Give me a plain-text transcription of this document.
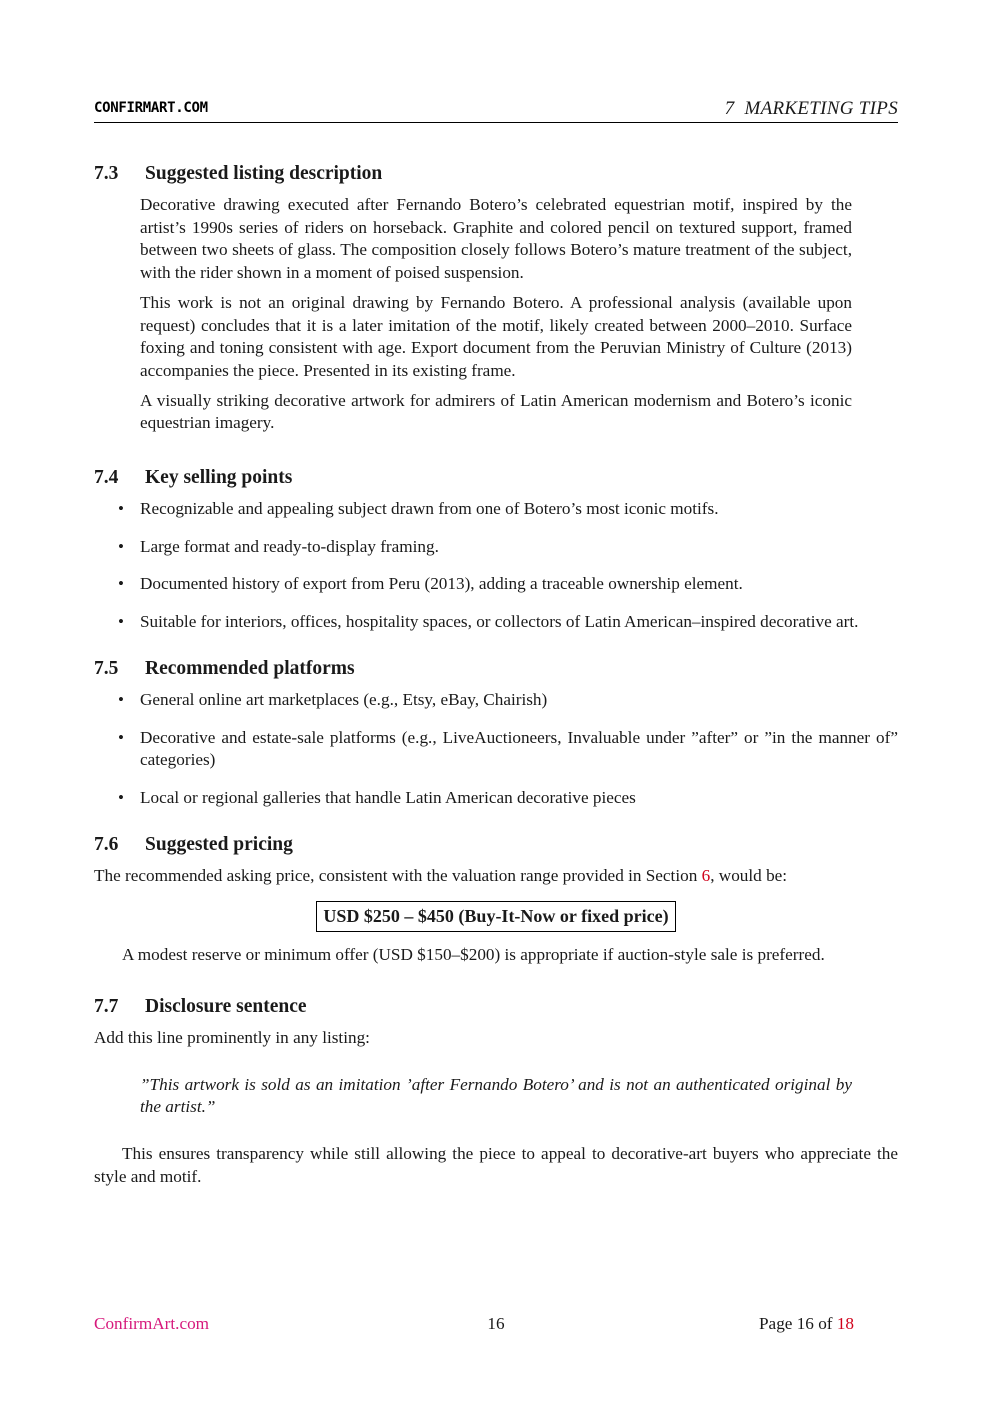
CONFIRMART.COM	7 MARKETING TIPS
7.3 Suggested listing description

Decorative drawing executed after Fernando Botero’s celebrated equestrian motif, inspired by the artist’s 1990s series of riders on horseback. Graphite and colored pencil on textured support, framed between two sheets of glass. The composition closely follows Botero’s mature treatment of the subject, with the rider shown in a moment of poised suspension.

This work is not an original drawing by Fernando Botero. A professional analysis (available upon request) concludes that it is a later imitation of the motif, likely created between 2000–2010. Surface foxing and toning consistent with age. Export document from the Peruvian Ministry of Culture (2013) accompanies the piece. Presented in its existing frame.

A visually striking decorative artwork for admirers of Latin American modernism and Botero’s iconic equestrian imagery.

7.4 Key selling points
• Recognizable and appealing subject drawn from one of Botero’s most iconic motifs.
• Large format and ready-to-display framing.
• Documented history of export from Peru (2013), adding a traceable ownership element.
• Suitable for interiors, offices, hospitality spaces, or collectors of Latin American–inspired decorative art.
7.5 Recommended platforms
• General online art marketplaces (e.g., Etsy, eBay, Chairish)
• Decorative and estate-sale platforms (e.g., LiveAuctioneers, Invaluable under ”after” or ”in the manner of” categories)
• Local or regional galleries that handle Latin American decorative pieces
7.6 Suggested pricing

The recommended asking price, consistent with the valuation range provided in Section 6, would be:

USD $250 – $450 (Buy-It-Now or fixed price)

A modest reserve or minimum offer (USD $150–$200) is appropriate if auction-style sale is preferred.

7.7 Disclosure sentence

Add this line prominently in any listing:

”This artwork is sold as an imitation ’after Fernando Botero’ and is not an authenticated original by the artist.”

This ensures transparency while still allowing the piece to appeal to decorative-art buyers who appreciate the style and motif.

ConfirmArt.com	16	Page 16 of 18
